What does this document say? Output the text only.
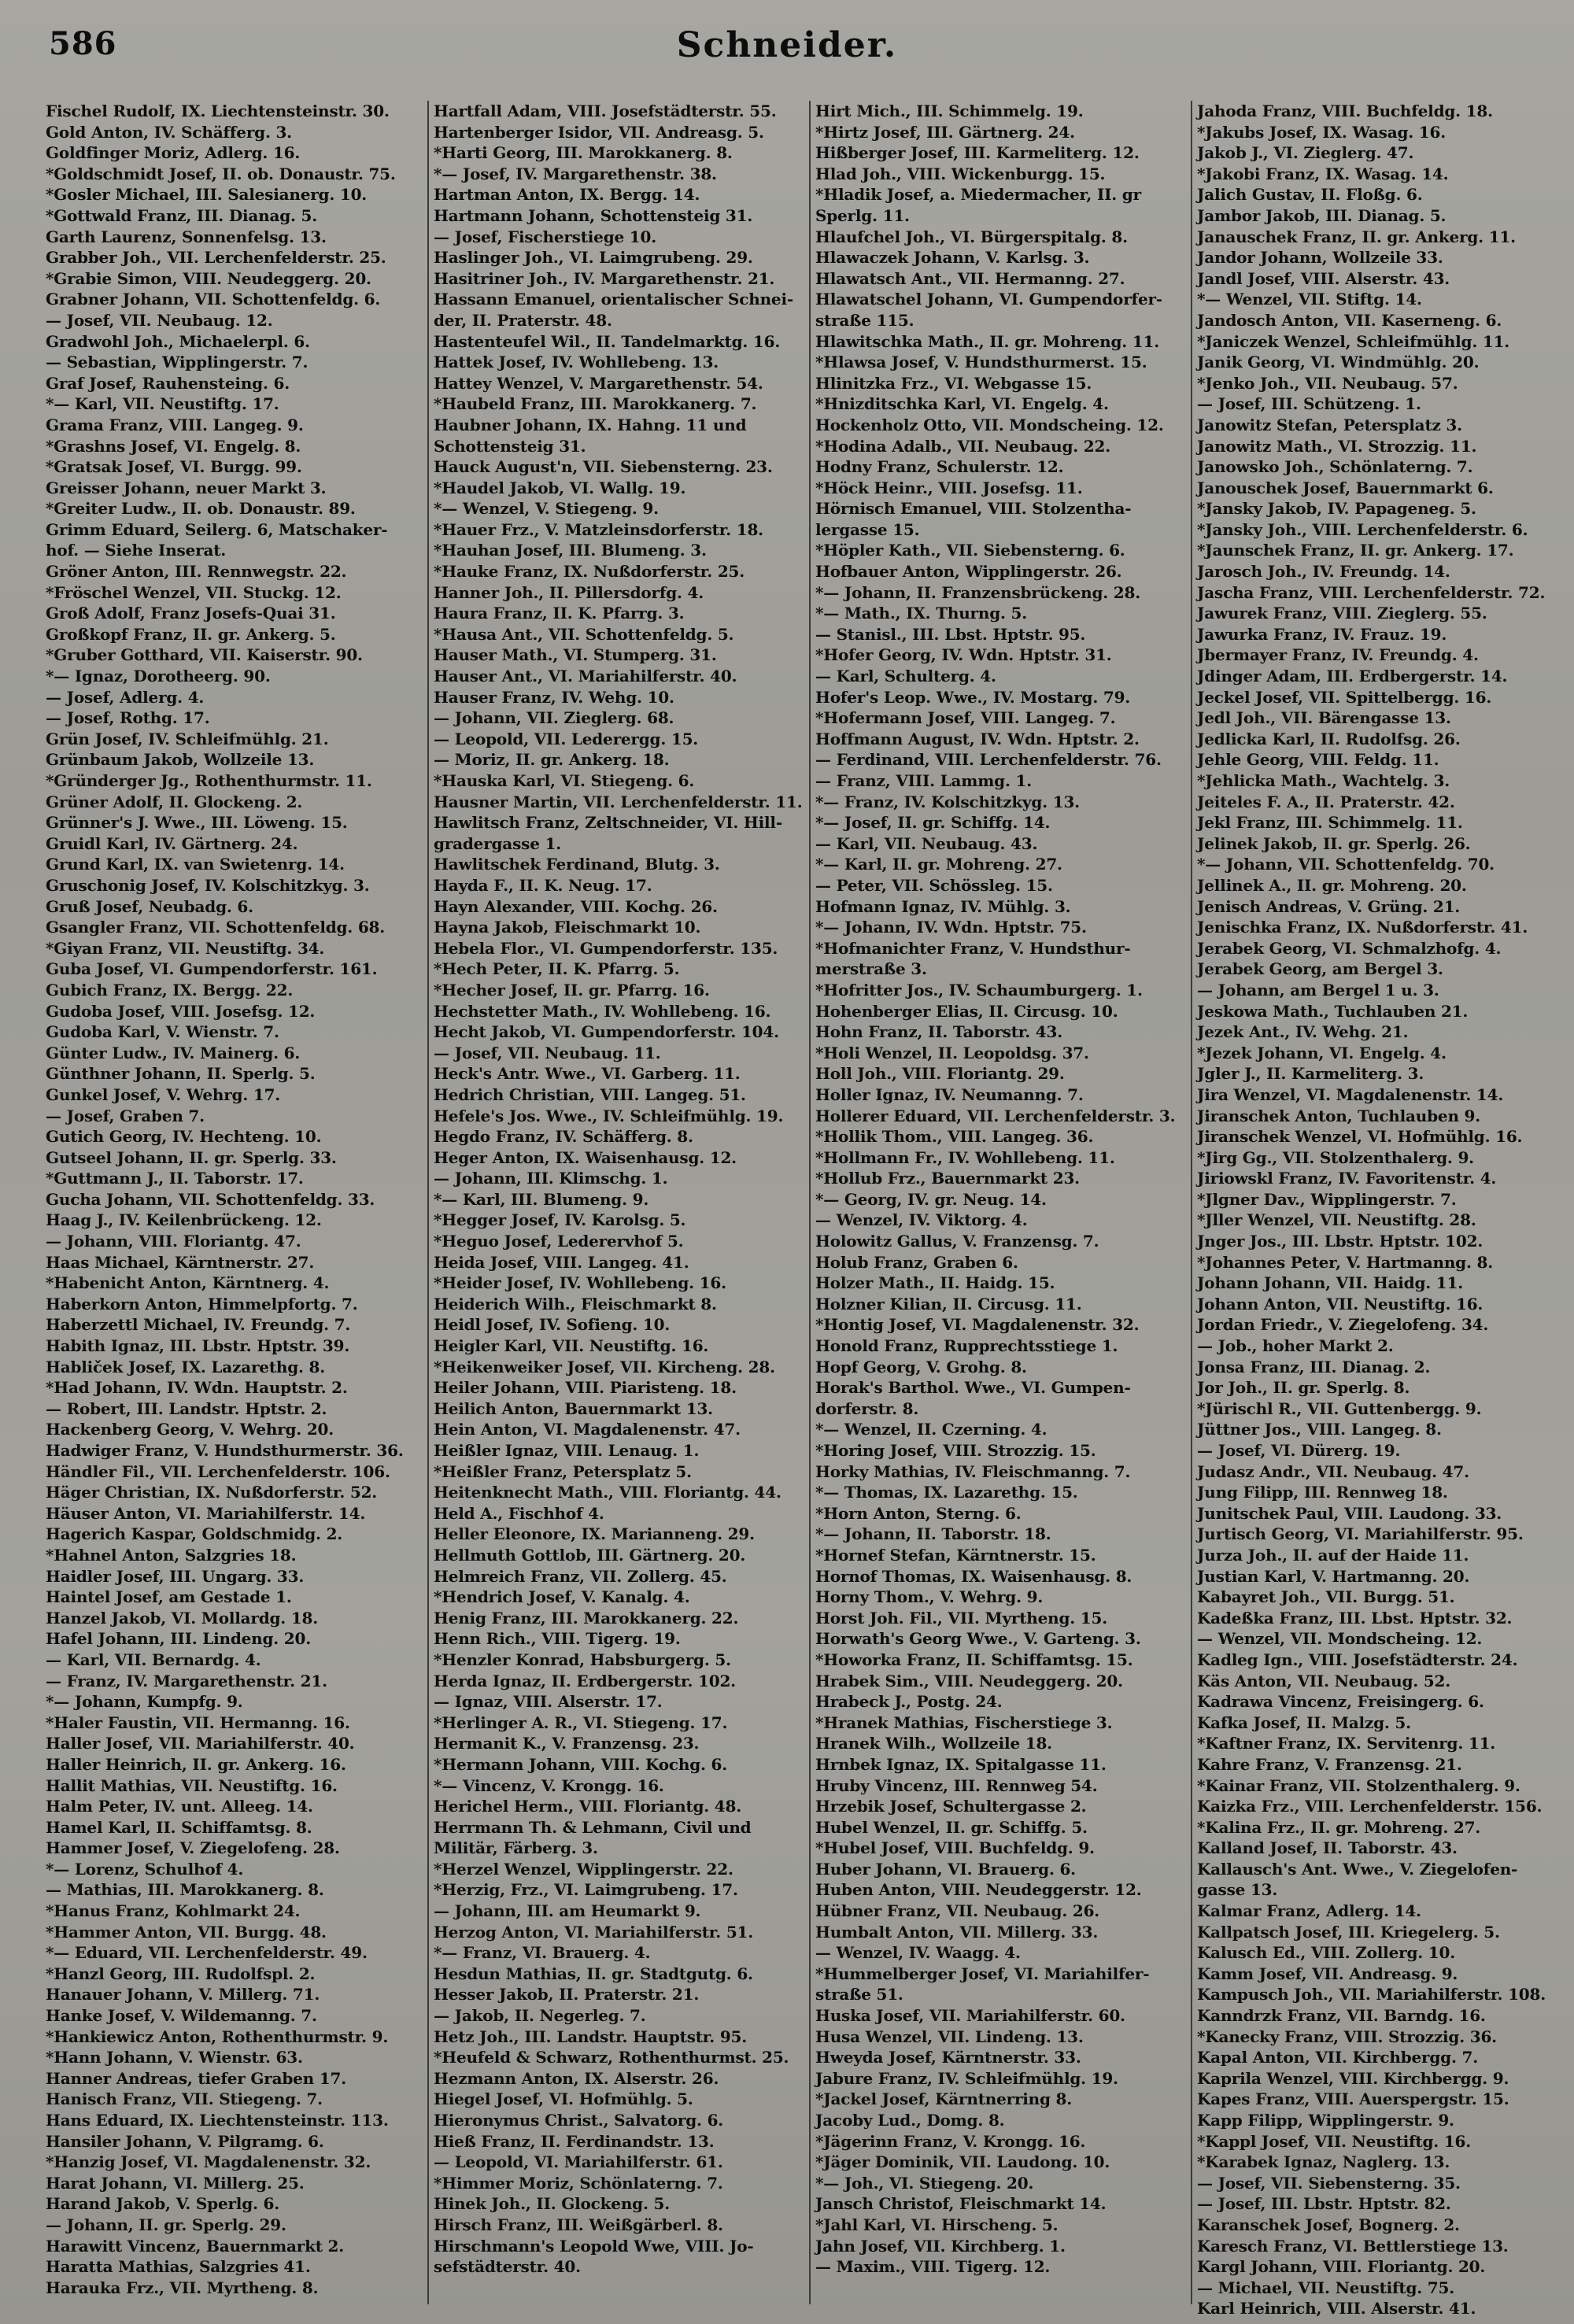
586	Schneider.
Fischel Rudolf, IX. Liechtensteinstr. 30.
Gold Anton, IV. Schäfferg. 3.
Goldfinger Moriz, Adlerg. 16.
*Goldschmidt Josef, II. ob. Donaustr. 75.
*Gosler Michael, III. Salesianerg. 10.
*Gottwald Franz, III. Dianag. 5.
Garth Laurenz, Sonnenfelsg. 13.
Grabber Joh., VII. Lerchenfelderstr. 25.
*Grabie Simon, VIII. Neudeggerg. 20.
Grabner Johann, VII. Schottenfeldg. 6.
— Josef, VII. Neubaug. 12.
Gradwohl Joh., Michaelerpl. 6.
— Sebastian, Wipplingerstr. 7.
Graf Josef, Rauhensteing. 6.
*— Karl, VII. Neustiftg. 17.
Grama Franz, VIII. Langeg. 9.
*Grashns Josef, VI. Engelg. 8.
*Gratsak Josef, VI. Burgg. 99.
Greisser Johann, neuer Markt 3.
*Greiter Ludw., II. ob. Donaustr. 89.
Grimm Eduard, Seilerg. 6, Matschaker-
hof. — Siehe Inserat.
Gröner Anton, III. Rennwegstr. 22.
*Fröschel Wenzel, VII. Stuckg. 12.
Groß Adolf, Franz Josefs-Quai 31.
Großkopf Franz, II. gr. Ankerg. 5.
*Gruber Gotthard, VII. Kaiserstr. 90.
*— Ignaz, Dorotheerg. 90.
— Josef, Adlerg. 4.
— Josef, Rothg. 17.
Grün Josef, IV. Schleifmühlg. 21.
Grünbaum Jakob, Wollzeile 13.
*Gründerger Jg., Rothenthurmstr. 11.
Grüner Adolf, II. Glockeng. 2.
Grünner's J. Wwe., III. Löweng. 15.
Gruidl Karl, IV. Gärtnerg. 24.
Grund Karl, IX. van Swietenrg. 14.
Gruschonig Josef, IV. Kolschitzkyg. 3.
Gruß Josef, Neubadg. 6.
Gsangler Franz, VII. Schottenfeldg. 68.
*Giyan Franz, VII. Neustiftg. 34.
Guba Josef, VI. Gumpendorferstr. 161.
Gubich Franz, IX. Bergg. 22.
Gudoba Josef, VIII. Josefsg. 12.
Gudoba Karl, V. Wienstr. 7.
Günter Ludw., IV. Mainerg. 6.
Günthner Johann, II. Sperlg. 5.
Gunkel Josef, V. Wehrg. 17.
— Josef, Graben 7.
Gutich Georg, IV. Hechteng. 10.
Gutseel Johann, II. gr. Sperlg. 33.
*Guttmann J., II. Taborstr. 17.
Gucha Johann, VII. Schottenfeldg. 33.
Haag J., IV. Keilenbrückeng. 12.
— Johann, VIII. Floriantg. 47.
Haas Michael, Kärntnerstr. 27.
*Habenicht Anton, Kärntnerg. 4.
Haberkorn Anton, Himmelpfortg. 7.
Haberzettl Michael, IV. Freundg. 7.
Habith Ignaz, III. Lbstr. Hptstr. 39.
Habliček Josef, IX. Lazarethg. 8.
*Had Johann, IV. Wdn. Hauptstr. 2.
— Robert, III. Landstr. Hptstr. 2.
Hackenberg Georg, V. Wehrg. 20.
Hadwiger Franz, V. Hundsthurmerstr. 36.
Händler Fil., VII. Lerchenfelderstr. 106.
Häger Christian, IX. Nußdorferstr. 52.
Häuser Anton, VI. Mariahilferstr. 14.
Hagerich Kaspar, Goldschmidg. 2.
*Hahnel Anton, Salzgries 18.
Haidler Josef, III. Ungarg. 33.
Haintel Josef, am Gestade 1.
Hanzel Jakob, VI. Mollardg. 18.
Hafel Johann, III. Lindeng. 20.
— Karl, VII. Bernardg. 4.
— Franz, IV. Margarethenstr. 21.
*— Johann, Kumpfg. 9.
*Haler Faustin, VII. Hermanng. 16.
Haller Josef, VII. Mariahilferstr. 40.
Haller Heinrich, II. gr. Ankerg. 16.
Hallit Mathias, VII. Neustiftg. 16.
Halm Peter, IV. unt. Alleeg. 14.
Hamel Karl, II. Schiffamtsg. 8.
Hammer Josef, V. Ziegelofeng. 28.
*— Lorenz, Schulhof 4.
— Mathias, III. Marokkanerg. 8.
*Hanus Franz, Kohlmarkt 24.
*Hammer Anton, VII. Burgg. 48.
*— Eduard, VII. Lerchenfelderstr. 49.
*Hanzl Georg, III. Rudolfspl. 2.
Hanauer Johann, V. Millerg. 71.
Hanke Josef, V. Wildemanng. 7.
*Hankiewicz Anton, Rothenthurmstr. 9.
*Hann Johann, V. Wienstr. 63.
Hanner Andreas, tiefer Graben 17.
Hanisch Franz, VII. Stiegeng. 7.
Hans Eduard, IX. Liechtensteinstr. 113.
Hansiler Johann, V. Pilgramg. 6.
*Hanzig Josef, VI. Magdalenenstr. 32.
Harat Johann, VI. Millerg. 25.
Harand Jakob, V. Sperlg. 6.
— Johann, II. gr. Sperlg. 29.
Harawitt Vincenz, Bauernmarkt 2.
Haratta Mathias, Salzgries 41.
Harauka Frz., VII. Myrtheng. 8.
Hartfall Adam, VIII. Josefstädterstr. 55.
Hartenberger Isidor, VII. Andreasg. 5.
*Harti Georg, III. Marokkanerg. 8.
*— Josef, IV. Margarethenstr. 38.
Hartman Anton, IX. Bergg. 14.
Hartmann Johann, Schottensteig 31.
— Josef, Fischerstiege 10.
Haslinger Joh., VI. Laimgrubeng. 29.
Hasitriner Joh., IV. Margarethenstr. 21.
Hassann Emanuel, orientalischer Schnei-
der, II. Praterstr. 48.
Hastenteufel Wil., II. Tandelmarktg. 16.
Hattek Josef, IV. Wohllebeng. 13.
Hattey Wenzel, V. Margarethenstr. 54.
*Haubeld Franz, III. Marokkanerg. 7.
Haubner Johann, IX. Hahng. 11 und
Schottensteig 31.
Hauck August'n, VII. Siebensterng. 23.
*Haudel Jakob, VI. Wallg. 19.
*— Wenzel, V. Stiegeng. 9.
*Hauer Frz., V. Matzleinsdorferstr. 18.
*Hauhan Josef, III. Blumeng. 3.
*Hauke Franz, IX. Nußdorferstr. 25.
Hanner Joh., II. Pillersdorfg. 4.
Haura Franz, II. K. Pfarrg. 3.
*Hausa Ant., VII. Schottenfeldg. 5.
Hauser Math., VI. Stumperg. 31.
Hauser Ant., VI. Mariahilferstr. 40.
Hauser Franz, IV. Wehg. 10.
— Johann, VII. Zieglerg. 68.
— Leopold, VII. Lederergg. 15.
— Moriz, II. gr. Ankerg. 18.
*Hauska Karl, VI. Stiegeng. 6.
Hausner Martin, VII. Lerchenfelderstr. 11.
Hawlitsch Franz, Zeltschneider, VI. Hill-
gradergasse 1.
Hawlitschek Ferdinand, Blutg. 3.
Hayda F., II. K. Neug. 17.
Hayn Alexander, VIII. Kochg. 26.
Hayna Jakob, Fleischmarkt 10.
Hebela Flor., VI. Gumpendorferstr. 135.
*Hech Peter, II. K. Pfarrg. 5.
*Hecher Josef, II. gr. Pfarrg. 16.
Hechstetter Math., IV. Wohllebeng. 16.
Hecht Jakob, VI. Gumpendorferstr. 104.
— Josef, VII. Neubaug. 11.
Heck's Antr. Wwe., VI. Garberg. 11.
Hedrich Christian, VIII. Langeg. 51.
Hefele's Jos. Wwe., IV. Schleifmühlg. 19.
Hegdo Franz, IV. Schäfferg. 8.
Heger Anton, IX. Waisenhausg. 12.
— Johann, III. Klimschg. 1.
*— Karl, III. Blumeng. 9.
*Hegger Josef, IV. Karolsg. 5.
*Heguo Josef, Lederervhof 5.
Heida Josef, VIII. Langeg. 41.
*Heider Josef, IV. Wohllebeng. 16.
Heiderich Wilh., Fleischmarkt 8.
Heidl Josef, IV. Sofieng. 10.
Heigler Karl, VII. Neustiftg. 16.
*Heikenweiker Josef, VII. Kircheng. 28.
Heiler Johann, VIII. Piaristeng. 18.
Heilich Anton, Bauernmarkt 13.
Hein Anton, VI. Magdalenenstr. 47.
Heißler Ignaz, VIII. Lenaug. 1.
*Heißler Franz, Petersplatz 5.
Heitenknecht Math., VIII. Floriantg. 44.
Held A., Fischhof 4.
Heller Eleonore, IX. Marianneng. 29.
Hellmuth Gottlob, III. Gärtnerg. 20.
Helmreich Franz, VII. Zollerg. 45.
*Hendrich Josef, V. Kanalg. 4.
Henig Franz, III. Marokkanerg. 22.
Henn Rich., VIII. Tigerg. 19.
*Henzler Konrad, Habsburgerg. 5.
Herda Ignaz, II. Erdbergerstr. 102.
— Ignaz, VIII. Alserstr. 17.
*Herlinger A. R., VI. Stiegeng. 17.
Hermanit K., V. Franzensg. 23.
*Hermann Johann, VIII. Kochg. 6.
*— Vincenz, V. Krongg. 16.
Herichel Herm., VIII. Floriantg. 48.
Herrmann Th. & Lehmann, Civil und
Militär, Färberg. 3.
*Herzel Wenzel, Wipplingerstr. 22.
*Herzig, Frz., VI. Laimgrubeng. 17.
— Johann, III. am Heumarkt 9.
Herzog Anton, VI. Mariahilferstr. 51.
*— Franz, VI. Brauerg. 4.
Hesdun Mathias, II. gr. Stadtgutg. 6.
Hesser Jakob, II. Praterstr. 21.
— Jakob, II. Negerleg. 7.
Hetz Joh., III. Landstr. Hauptstr. 95.
*Heufeld & Schwarz, Rothenthurmst. 25.
Hezmann Anton, IX. Alserstr. 26.
Hiegel Josef, VI. Hofmühlg. 5.
Hieronymus Christ., Salvatorg. 6.
Hieß Franz, II. Ferdinandstr. 13.
— Leopold, VI. Mariahilferstr. 61.
*Himmer Moriz, Schönlaterng. 7.
Hinek Joh., II. Glockeng. 5.
Hirsch Franz, III. Weißgärberl. 8.
Hirschmann's Leopold Wwe, VIII. Jo-
sefstädterstr. 40.
Hirt Mich., III. Schimmelg. 19.
*Hirtz Josef, III. Gärtnerg. 24.
Hißberger Josef, III. Karmeliterg. 12.
Hlad Joh., VIII. Wickenburgg. 15.
*Hladik Josef, a. Miedermacher, II. gr
Sperlg. 11.
Hlaufchel Joh., VI. Bürgerspitalg. 8.
Hlawaczek Johann, V. Karlsg. 3.
Hlawatsch Ant., VII. Hermanng. 27.
Hlawatschel Johann, VI. Gumpendorfer-
straße 115.
Hlawitschka Math., II. gr. Mohreng. 11.
*Hlawsa Josef, V. Hundsthurmerst. 15.
Hlinitzka Frz., VI. Webgasse 15.
*Hnizditschka Karl, VI. Engelg. 4.
Hockenholz Otto, VII. Mondscheing. 12.
*Hodina Adalb., VII. Neubaug. 22.
Hodny Franz, Schulerstr. 12.
*Höck Heinr., VIII. Josefsg. 11.
Hörnisch Emanuel, VIII. Stolzentha-
lergasse 15.
*Höpler Kath., VII. Siebensterng. 6.
Hofbauer Anton, Wipplingerstr. 26.
*— Johann, II. Franzensbrückeng. 28.
*— Math., IX. Thurng. 5.
— Stanisl., III. Lbst. Hptstr. 95.
*Hofer Georg, IV. Wdn. Hptstr. 31.
— Karl, Schulterg. 4.
Hofer's Leop. Wwe., IV. Mostarg. 79.
*Hofermann Josef, VIII. Langeg. 7.
Hoffmann August, IV. Wdn. Hptstr. 2.
— Ferdinand, VIII. Lerchenfelderstr. 76.
— Franz, VIII. Lammg. 1.
*— Franz, IV. Kolschitzkyg. 13.
*— Josef, II. gr. Schiffg. 14.
— Karl, VII. Neubaug. 43.
*— Karl, II. gr. Mohreng. 27.
— Peter, VII. Schössleg. 15.
Hofmann Ignaz, IV. Mühlg. 3.
*— Johann, IV. Wdn. Hptstr. 75.
*Hofmanichter Franz, V. Hundsthur-
merstraße 3.
*Hofritter Jos., IV. Schaumburgerg. 1.
Hohenberger Elias, II. Circusg. 10.
Hohn Franz, II. Taborstr. 43.
*Holi Wenzel, II. Leopoldsg. 37.
Holl Joh., VIII. Floriantg. 29.
Holler Ignaz, IV. Neumanng. 7.
Hollerer Eduard, VII. Lerchenfelderstr. 3.
*Hollik Thom., VIII. Langeg. 36.
*Hollmann Fr., IV. Wohllebeng. 11.
*Hollub Frz., Bauernmarkt 23.
*— Georg, IV. gr. Neug. 14.
— Wenzel, IV. Viktorg. 4.
Holowitz Gallus, V. Franzensg. 7.
Holub Franz, Graben 6.
Holzer Math., II. Haidg. 15.
Holzner Kilian, II. Circusg. 11.
*Hontig Josef, VI. Magdalenenstr. 32.
Honold Franz, Rupprechtsstiege 1.
Hopf Georg, V. Grohg. 8.
Horak's Barthol. Wwe., VI. Gumpen-
dorferstr. 8.
*— Wenzel, II. Czerning. 4.
*Horing Josef, VIII. Strozzig. 15.
Horky Mathias, IV. Fleischmanng. 7.
*— Thomas, IX. Lazarethg. 15.
*Horn Anton, Sterng. 6.
*— Johann, II. Taborstr. 18.
*Hornef Stefan, Kärntnerstr. 15.
Hornof Thomas, IX. Waisenhausg. 8.
Horny Thom., V. Wehrg. 9.
Horst Joh. Fil., VII. Myrtheng. 15.
Horwath's Georg Wwe., V. Garteng. 3.
*Howorka Franz, II. Schiffamtsg. 15.
Hrabek Sim., VIII. Neudeggerg. 20.
Hrabeck J., Postg. 24.
*Hranek Mathias, Fischerstiege 3.
Hranek Wilh., Wollzeile 18.
Hrnbek Ignaz, IX. Spitalgasse 11.
Hruby Vincenz, III. Rennweg 54.
Hrzebik Josef, Schultergasse 2.
Hubel Wenzel, II. gr. Schiffg. 5.
*Hubel Josef, VIII. Buchfeldg. 9.
Huber Johann, VI. Brauerg. 6.
Huben Anton, VIII. Neudeggerstr. 12.
Hübner Franz, VII. Neubaug. 26.
Humbalt Anton, VII. Millerg. 33.
— Wenzel, IV. Waagg. 4.
*Hummelberger Josef, VI. Mariahilfer-
straße 51.
Huska Josef, VII. Mariahilferstr. 60.
Husa Wenzel, VII. Lindeng. 13.
Hweyda Josef, Kärntnerstr. 33.
Jabure Franz, IV. Schleifmühlg. 19.
*Jackel Josef, Kärntnerring 8.
Jacoby Lud., Domg. 8.
*Jägerinn Franz, V. Krongg. 16.
*Jäger Dominik, VII. Laudong. 10.
*— Joh., VI. Stiegeng. 20.
Jansch Christof, Fleischmarkt 14.
*Jahl Karl, VI. Hirscheng. 5.
Jahn Josef, VII. Kirchberg. 1.
— Maxim., VIII. Tigerg. 12.
Jahoda Franz, VIII. Buchfeldg. 18.
*Jakubs Josef, IX. Wasag. 16.
Jakob J., VI. Zieglerg. 47.
*Jakobi Franz, IX. Wasag. 14.
Jalich Gustav, II. Floßg. 6.
Jambor Jakob, III. Dianag. 5.
Janauschek Franz, II. gr. Ankerg. 11.
Jandor Johann, Wollzeile 33.
Jandl Josef, VIII. Alserstr. 43.
*— Wenzel, VII. Stiftg. 14.
Jandosch Anton, VII. Kaserneng. 6.
*Janiczek Wenzel, Schleifmühlg. 11.
Janik Georg, VI. Windmühlg. 20.
*Jenko Joh., VII. Neubaug. 57.
— Josef, III. Schützeng. 1.
Janowitz Stefan, Petersplatz 3.
Janowitz Math., VI. Strozzig. 11.
Janowsko Joh., Schönlaterng. 7.
Janouschek Josef, Bauernmarkt 6.
*Jansky Jakob, IV. Papageneg. 5.
*Jansky Joh., VIII. Lerchenfelderstr. 6.
*Jaunschek Franz, II. gr. Ankerg. 17.
Jarosch Joh., IV. Freundg. 14.
Jascha Franz, VIII. Lerchenfelderstr. 72.
Jawurek Franz, VIII. Zieglerg. 55.
Jawurka Franz, IV. Frauz. 19.
Jbermayer Franz, IV. Freundg. 4.
Jdinger Adam, III. Erdbergerstr. 14.
Jeckel Josef, VII. Spittelbergg. 16.
Jedl Joh., VII. Bärengasse 13.
Jedlicka Karl, II. Rudolfsg. 26.
Jehle Georg, VIII. Feldg. 11.
*Jehlicka Math., Wachtelg. 3.
Jeiteles F. A., II. Praterstr. 42.
Jekl Franz, III. Schimmelg. 11.
Jelinek Jakob, II. gr. Sperlg. 26.
*— Johann, VII. Schottenfeldg. 70.
Jellinek A., II. gr. Mohreng. 20.
Jenisch Andreas, V. Grüng. 21.
Jenischka Franz, IX. Nußdorferstr. 41.
Jerabek Georg, VI. Schmalzhofg. 4.
Jerabek Georg, am Bergel 3.
— Johann, am Bergel 1 u. 3.
Jeskowa Math., Tuchlauben 21.
Jezek Ant., IV. Wehg. 21.
*Jezek Johann, VI. Engelg. 4.
Jgler J., II. Karmeliterg. 3.
Jira Wenzel, VI. Magdalenenstr. 14.
Jiranschek Anton, Tuchlauben 9.
Jiranschek Wenzel, VI. Hofmühlg. 16.
*Jirg Gg., VII. Stolzenthalerg. 9.
Jiriowskl Franz, IV. Favoritenstr. 4.
*Jlgner Dav., Wipplingerstr. 7.
*Jller Wenzel, VII. Neustiftg. 28.
Jnger Jos., III. Lbstr. Hptstr. 102.
*Johannes Peter, V. Hartmanng. 8.
Johann Johann, VII. Haidg. 11.
Johann Anton, VII. Neustiftg. 16.
Jordan Friedr., V. Ziegelofeng. 34.
— Job., hoher Markt 2.
Jonsa Franz, III. Dianag. 2.
Jor Joh., II. gr. Sperlg. 8.
*Jürischl R., VII. Guttenbergg. 9.
Jüttner Jos., VIII. Langeg. 8.
— Josef, VI. Dürerg. 19.
Judasz Andr., VII. Neubaug. 47.
Jung Filipp, III. Rennweg 18.
Junitschek Paul, VIII. Laudong. 33.
Jurtisch Georg, VI. Mariahilferstr. 95.
Jurza Joh., II. auf der Haide 11.
Justian Karl, V. Hartmanng. 20.
Kabayret Joh., VII. Burgg. 51.
Kadeßka Franz, III. Lbst. Hptstr. 32.
— Wenzel, VII. Mondscheing. 12.
Kadleg Ign., VIII. Josefstädterstr. 24.
Käs Anton, VII. Neubaug. 52.
Kadrawa Vincenz, Freisingerg. 6.
Kafka Josef, II. Malzg. 5.
*Kaftner Franz, IX. Servitenrg. 11.
Kahre Franz, V. Franzensg. 21.
*Kainar Franz, VII. Stolzenthalerg. 9.
Kaizka Frz., VIII. Lerchenfelderstr. 156.
*Kalina Frz., II. gr. Mohreng. 27.
Kalland Josef, II. Taborstr. 43.
Kallausch's Ant. Wwe., V. Ziegelofen-
gasse 13.
Kalmar Franz, Adlerg. 14.
Kallpatsch Josef, III. Kriegelerg. 5.
Kalusch Ed., VIII. Zollerg. 10.
Kamm Josef, VII. Andreasg. 9.
Kampusch Joh., VII. Mariahilferstr. 108.
Kanndrzk Franz, VII. Barndg. 16.
*Kanecky Franz, VIII. Strozzig. 36.
Kapal Anton, VII. Kirchbergg. 7.
Kaprila Wenzel, VIII. Kirchbergg. 9.
Kapes Franz, VIII. Auerspergstr. 15.
Kapp Filipp, Wipplingerstr. 9.
*Kappl Josef, VII. Neustiftg. 16.
*Karabek Ignaz, Naglerg. 13.
— Josef, VII. Siebensterng. 35.
— Josef, III. Lbstr. Hptstr. 82.
Karanschek Josef, Bognerg. 2.
Karesch Franz, VI. Bettlerstiege 13.
Kargl Johann, VIII. Floriantg. 20.
— Michael, VII. Neustiftg. 75.
Karl Heinrich, VIII. Alserstr. 41.
